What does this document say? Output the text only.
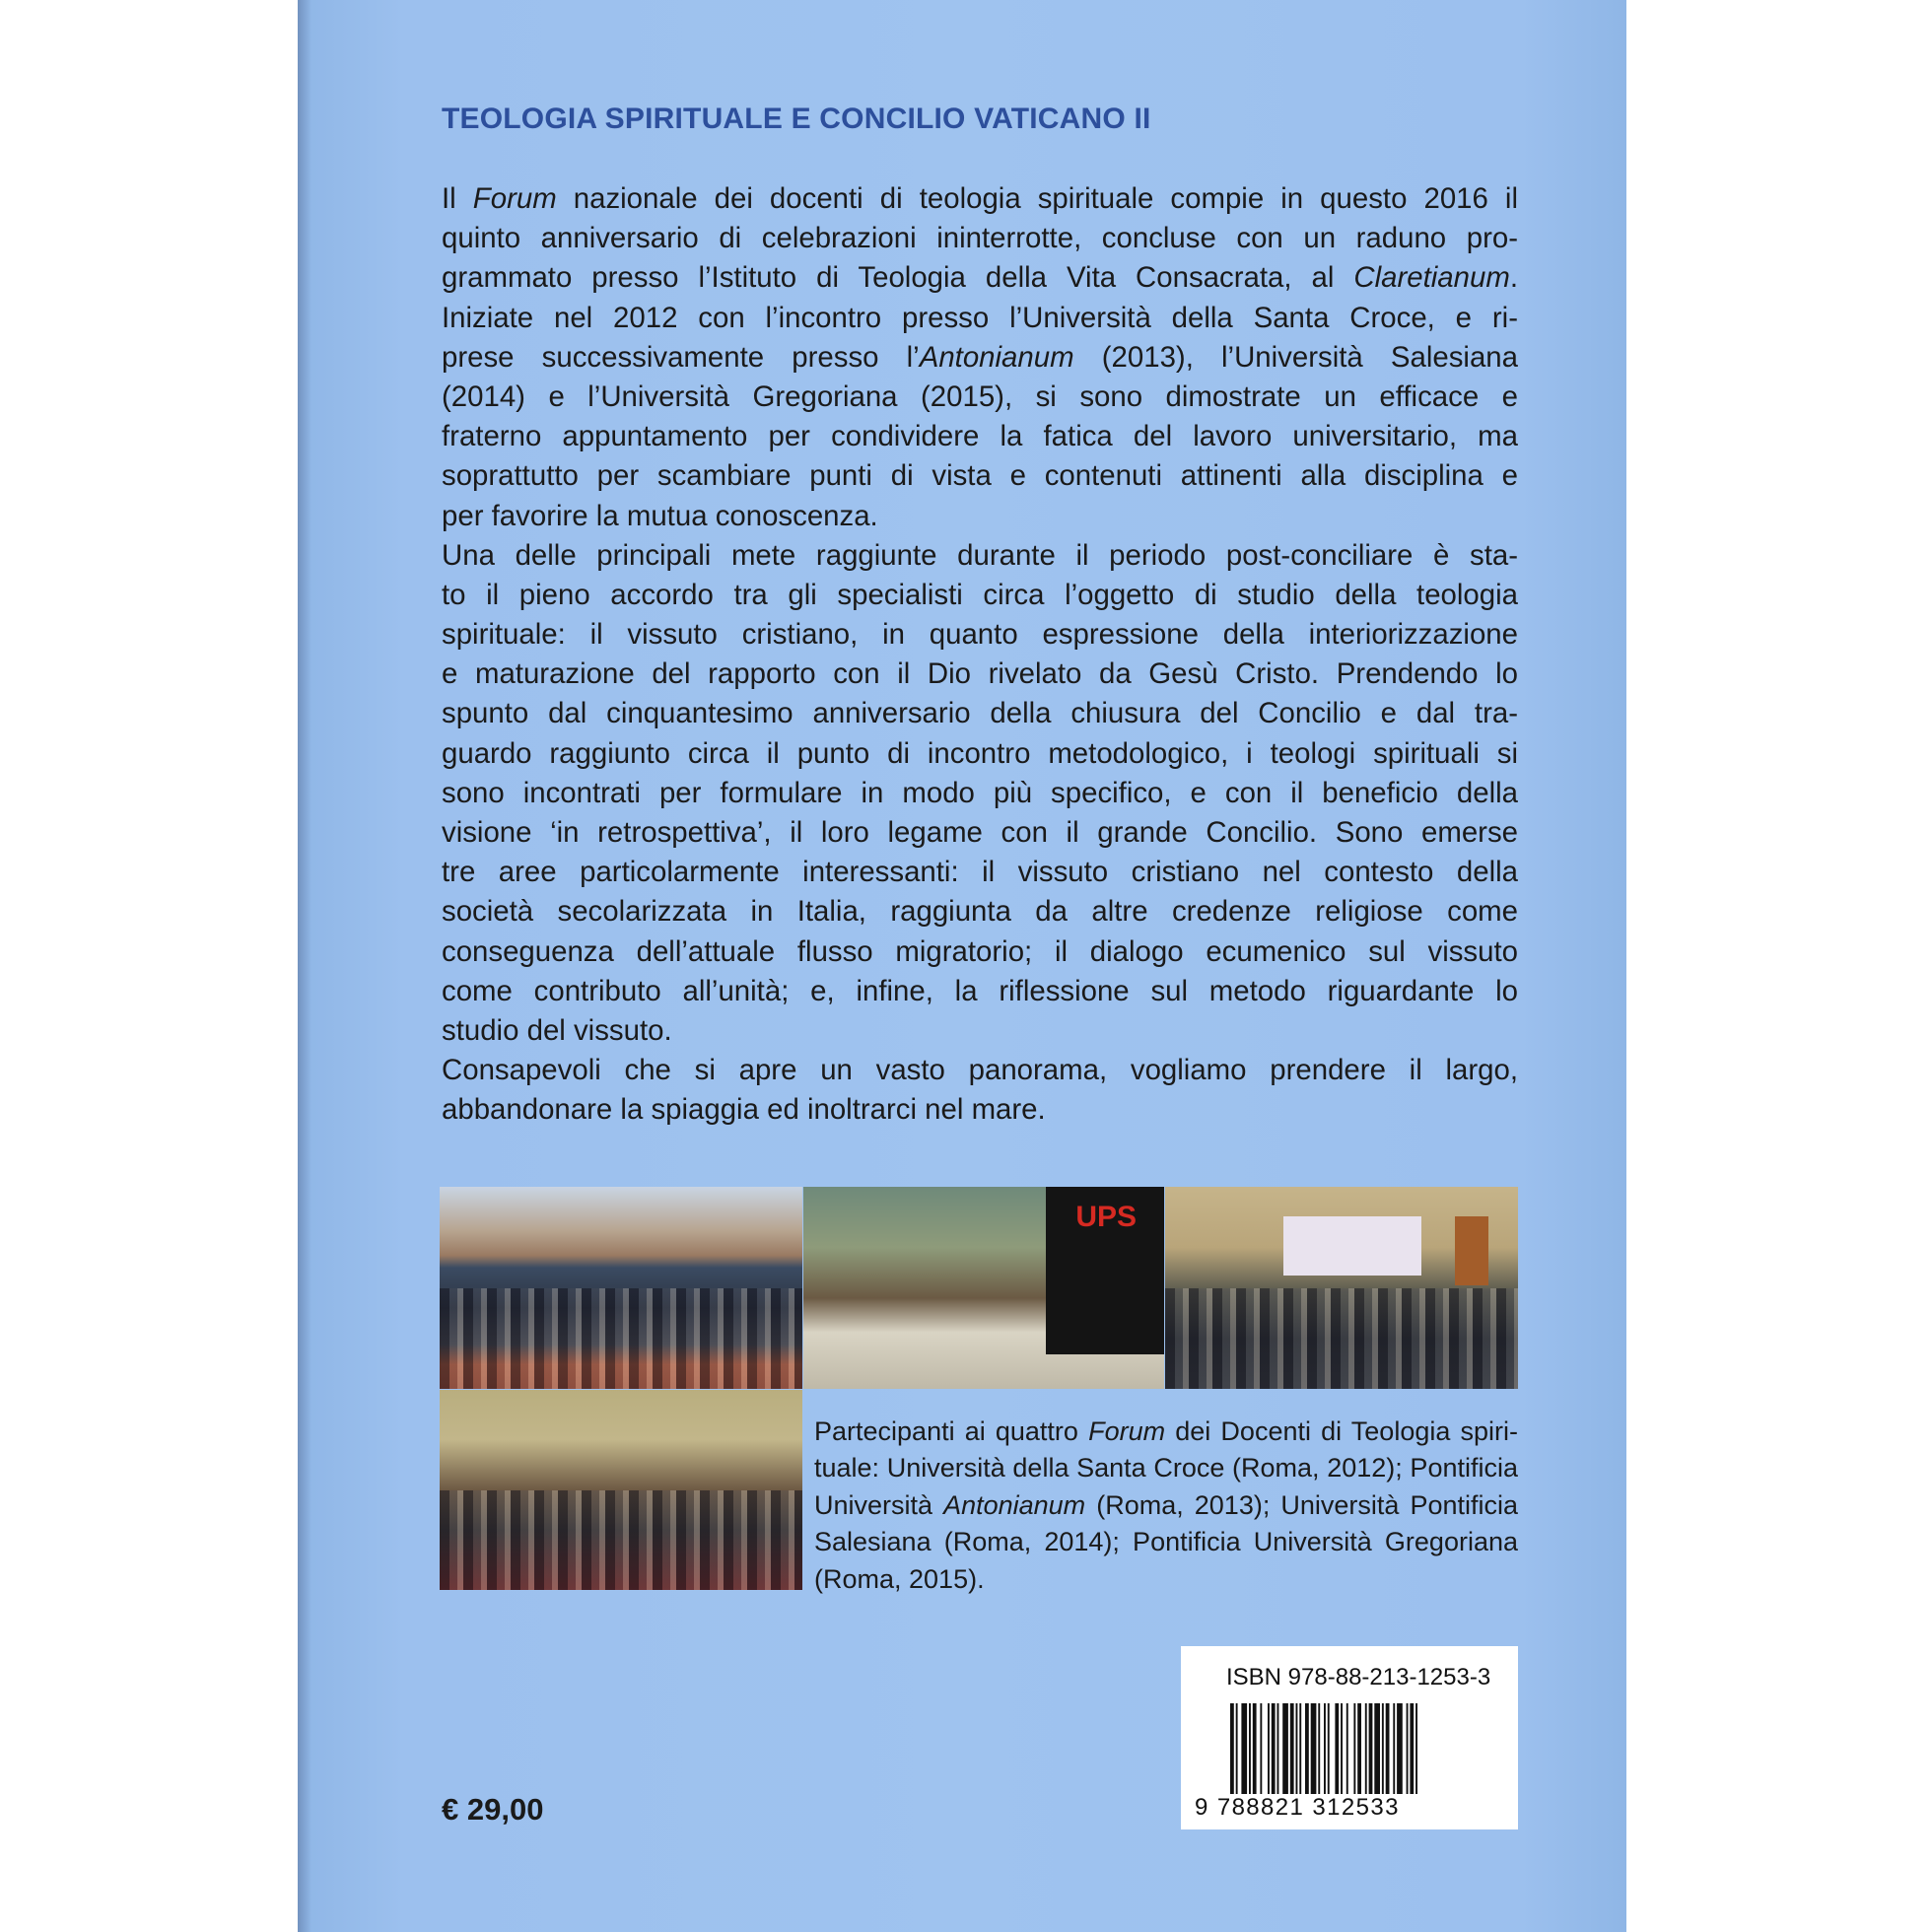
TEOLOGIA SPIRITUALE E CONCILIO VATICANO II
Il Forum nazionale dei docenti di teologia spirituale compie in questo 2016 il
quinto anniversario di celebrazioni ininterrotte, concluse con un raduno pro-
grammato presso l’Istituto di Teologia della Vita Consacrata, al Claretianum.
Iniziate nel 2012 con l’incontro presso l’Università della Santa Croce, e ri-
prese successivamente presso l’Antonianum (2013), l’Università Salesiana
(2014) e l’Università Gregoriana (2015), si sono dimostrate un efficace e
fraterno appuntamento per condividere la fatica del lavoro universitario, ma
soprattutto per scambiare punti di vista e contenuti attinenti alla disciplina e
per favorire la mutua conoscenza.
Una delle principali mete raggiunte durante il periodo post-conciliare è sta-
to il pieno accordo tra gli specialisti circa l’oggetto di studio della teologia
spirituale: il vissuto cristiano, in quanto espressione della interiorizzazione
e maturazione del rapporto con il Dio rivelato da Gesù Cristo. Prendendo lo
spunto dal cinquantesimo anniversario della chiusura del Concilio e dal tra-
guardo raggiunto circa il punto di incontro metodologico, i teologi spirituali si
sono incontrati per formulare in modo più specifico, e con il beneficio della
visione ‘in retrospettiva’, il loro legame con il grande Concilio. Sono emerse
tre aree particolarmente interessanti: il vissuto cristiano nel contesto della
società secolarizzata in Italia, raggiunta da altre credenze religiose come
conseguenza dell’attuale flusso migratorio; il dialogo ecumenico sul vissuto
come contributo all’unità; e, infine, la riflessione sul metodo riguardante lo
studio del vissuto.
Consapevoli che si apre un vasto panorama, vogliamo prendere il largo,
abbandonare la spiaggia ed inoltrarci nel mare.
UPS
Partecipanti ai quattro Forum dei Docenti di Teologia spiri-
tuale: Università della Santa Croce (Roma, 2012); Pontificia
Università Antonianum (Roma, 2013); Università Pontificia
Salesiana (Roma, 2014); Pontificia Università Gregoriana
(Roma, 2015).
ISBN 978-88-213-1253-3
9 788821 312533
€ 29,00
